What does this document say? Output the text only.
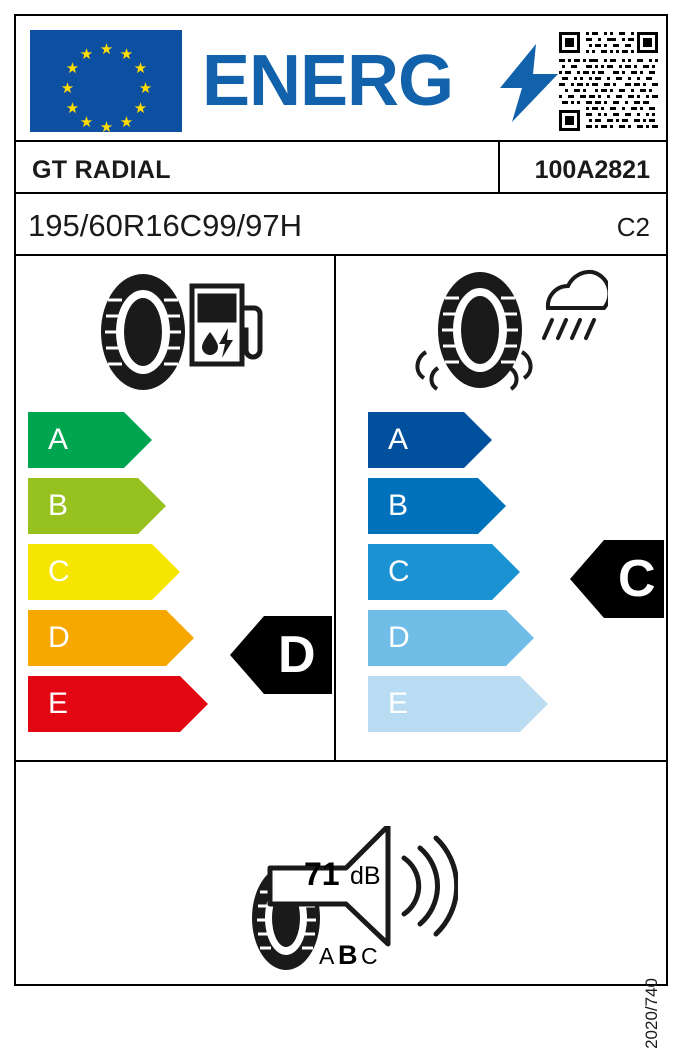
★ ★
★
★
★
★
★
★
★
★
★
★ ENERG
GT RADIAL	100A2821
195/60R16C99/97H	C2
A
B
C
D
E
D
A
B
C
D
E
C
71 dB
A B C
2020/740
